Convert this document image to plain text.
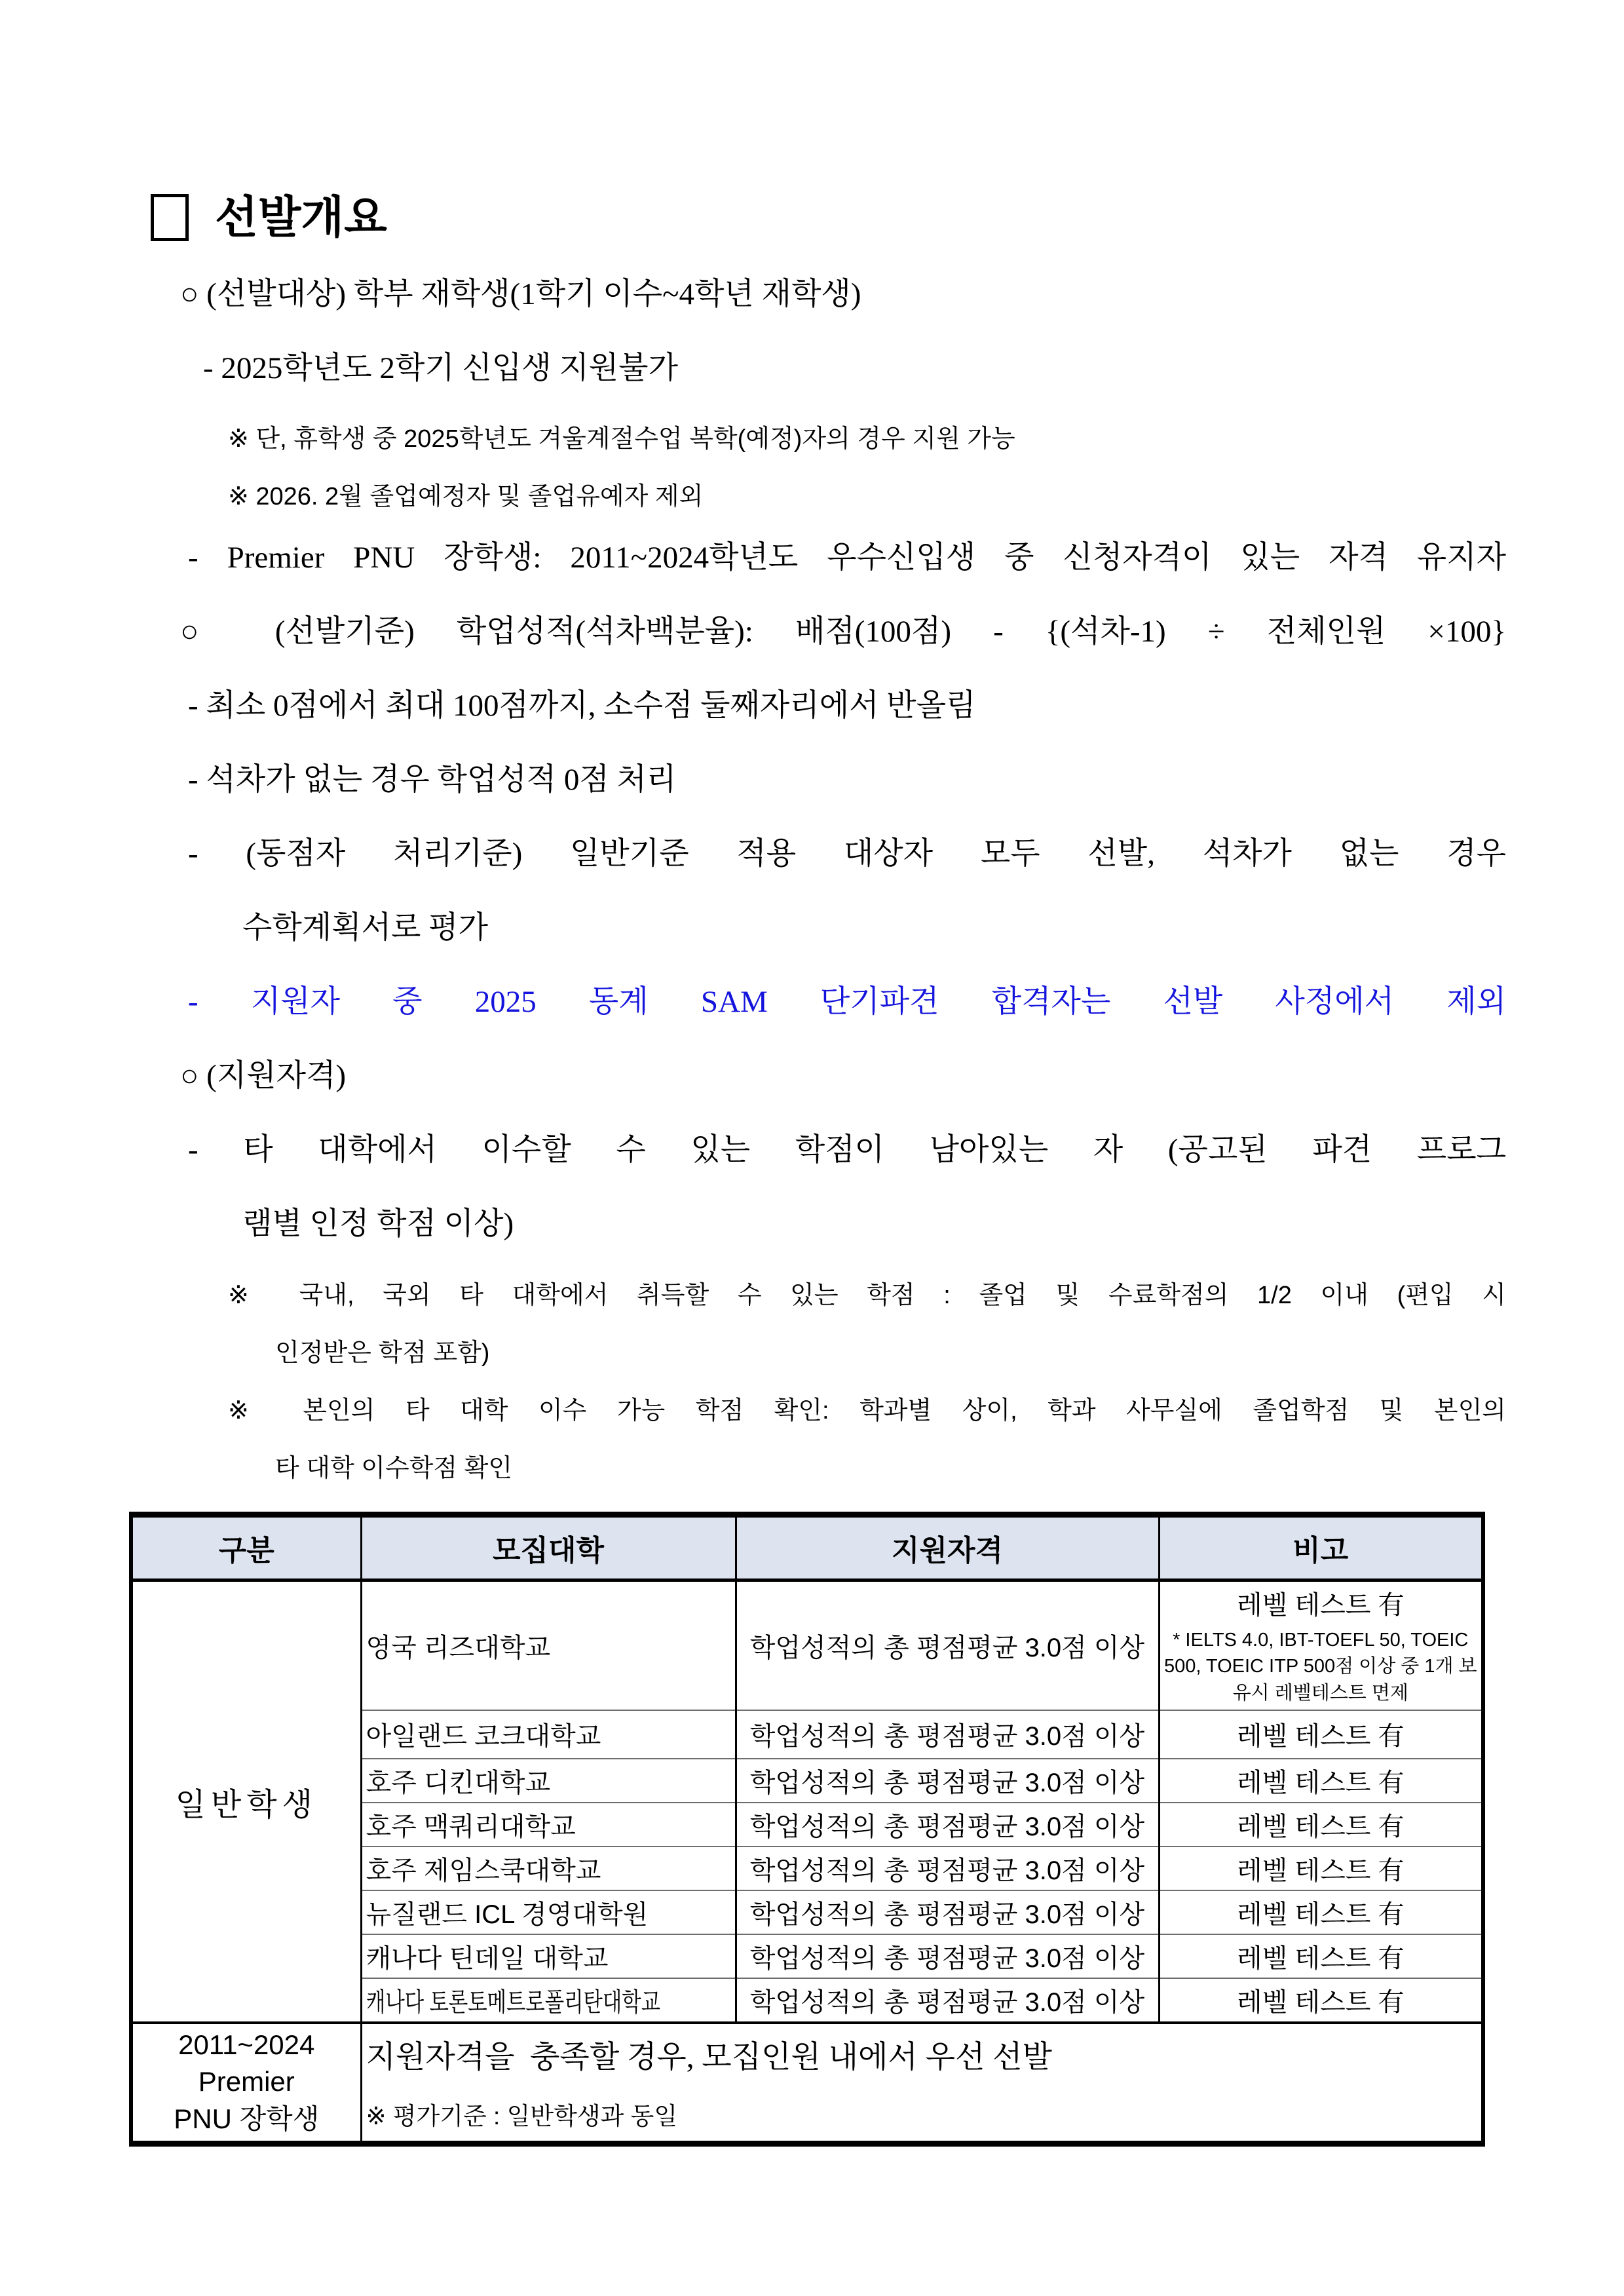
선발개요
○ (선발대상) 학부 재학생(1학기 이수~4학년 재학생)
- 2025학년도 2학기 신입생 지원불가
※ 단, 휴학생 중 2025학년도 겨울계절수업 복학(예정)자의 경우 지원 가능
※ 2026. 2월 졸업예정자 및 졸업유예자 제외
- Premier PNU 장학생: 2011~2024학년도 우수신입생 중 신청자격이 있는 자격 유지자
○ (선발기준) 학업성적(석차백분율): 배점(100점) - {(석차-1) ÷ 전체인원 ×100}
- 최소 0점에서 최대 100점까지, 소수점 둘째자리에서 반올림
- 석차가 없는 경우 학업성적 0점 처리
- (동점자 처리기준) 일반기준 적용 대상자 모두 선발, 석차가 없는 경우
수학계획서로 평가
- 지원자 중 2025 동계 SAM 단기파견 합격자는 선발 사정에서 제외
○ (지원자격)
- 타 대학에서 이수할 수 있는 학점이 남아있는 자 (공고된 파견 프로그
램별 인정 학점 이상)
※ 국내, 국외 타 대학에서 취득할 수 있는 학점 : 졸업 및 수료학점의 1/2 이내 (편입 시
인정받은 학점 포함)
※ 본인의 타 대학 이수 가능 학점 확인: 학과별 상이, 학과 사무실에 졸업학점 및 본인의
타 대학 이수학점 확인
구분	모집대학	지원자격	비고
일반학생	영국 리즈대학교	학업성적의 총 평점평균 3.0점 이상	레벨 테스트 有
* IELTS 4.0, IBT-TOEFL 50, TOEIC 500, TOEIC ITP 500점 이상 중 1개 보유시 레벨테스트 면제

	아일랜드 코크대학교	학업성적의 총 평점평균 3.0점 이상	레벨 테스트 有
	호주 디킨대학교	학업성적의 총 평점평균 3.0점 이상	레벨 테스트 有
	호주 맥쿼리대학교	학업성적의 총 평점평균 3.0점 이상	레벨 테스트 有
	호주 제임스쿡대학교	학업성적의 총 평점평균 3.0점 이상	레벨 테스트 有
	뉴질랜드 ICL 경영대학원	학업성적의 총 평점평균 3.0점 이상	레벨 테스트 有
	캐나다 틴데일 대학교	학업성적의 총 평점평균 3.0점 이상	레벨 테스트 有
	캐나다 토론토메트로폴리탄대학교	학업성적의 총 평점평균 3.0점 이상	레벨 테스트 有

2011~2024
Premier
PNU 장학생

지원자격을  충족할 경우, 모집인원 내에서 우선 선발
※ 평가기준 : 일반학생과 동일
